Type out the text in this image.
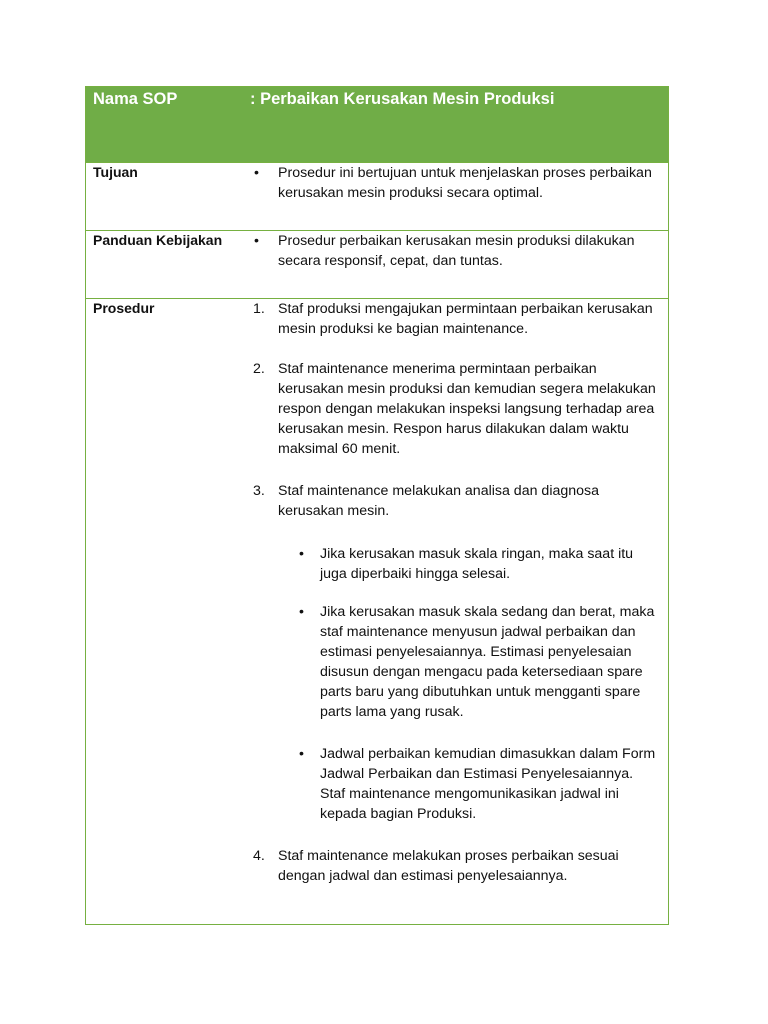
Nama SOP	: Perbaikan Kerusakan Mesin Produksi
Tujuan	•	Prosedur ini bertujuan untuk menjelaskan proses perbaikan kerusakan mesin produksi secara optimal.
Panduan Kebijakan	•	Prosedur perbaikan kerusakan mesin produksi dilakukan secara responsif, cepat, dan tuntas.
Prosedur	1. Staf produksi mengajukan permintaan perbaikan kerusakan mesin produksi ke bagian maintenance.
2. Staf maintenance menerima permintaan perbaikan kerusakan mesin produksi dan kemudian segera melakukan respon dengan melakukan inspeksi langsung terhadap area kerusakan mesin. Respon harus dilakukan dalam waktu maksimal 60 menit.
3. Staf maintenance melakukan analisa dan diagnosa kerusakan mesin.
•	Jika kerusakan masuk skala ringan, maka saat itu juga diperbaiki hingga selesai.
•	Jika kerusakan masuk skala sedang dan berat, maka staf maintenance menyusun jadwal perbaikan dan estimasi penyelesaiannya. Estimasi penyelesaian disusun dengan mengacu pada ketersediaan spare parts baru yang dibutuhkan untuk mengganti spare parts lama yang rusak.
•	Jadwal perbaikan kemudian dimasukkan dalam Form Jadwal Perbaikan dan Estimasi Penyelesaiannya. Staf maintenance mengomunikasikan jadwal ini kepada bagian Produksi.
4. Staf maintenance melakukan proses perbaikan sesuai dengan jadwal dan estimasi penyelesaiannya.
